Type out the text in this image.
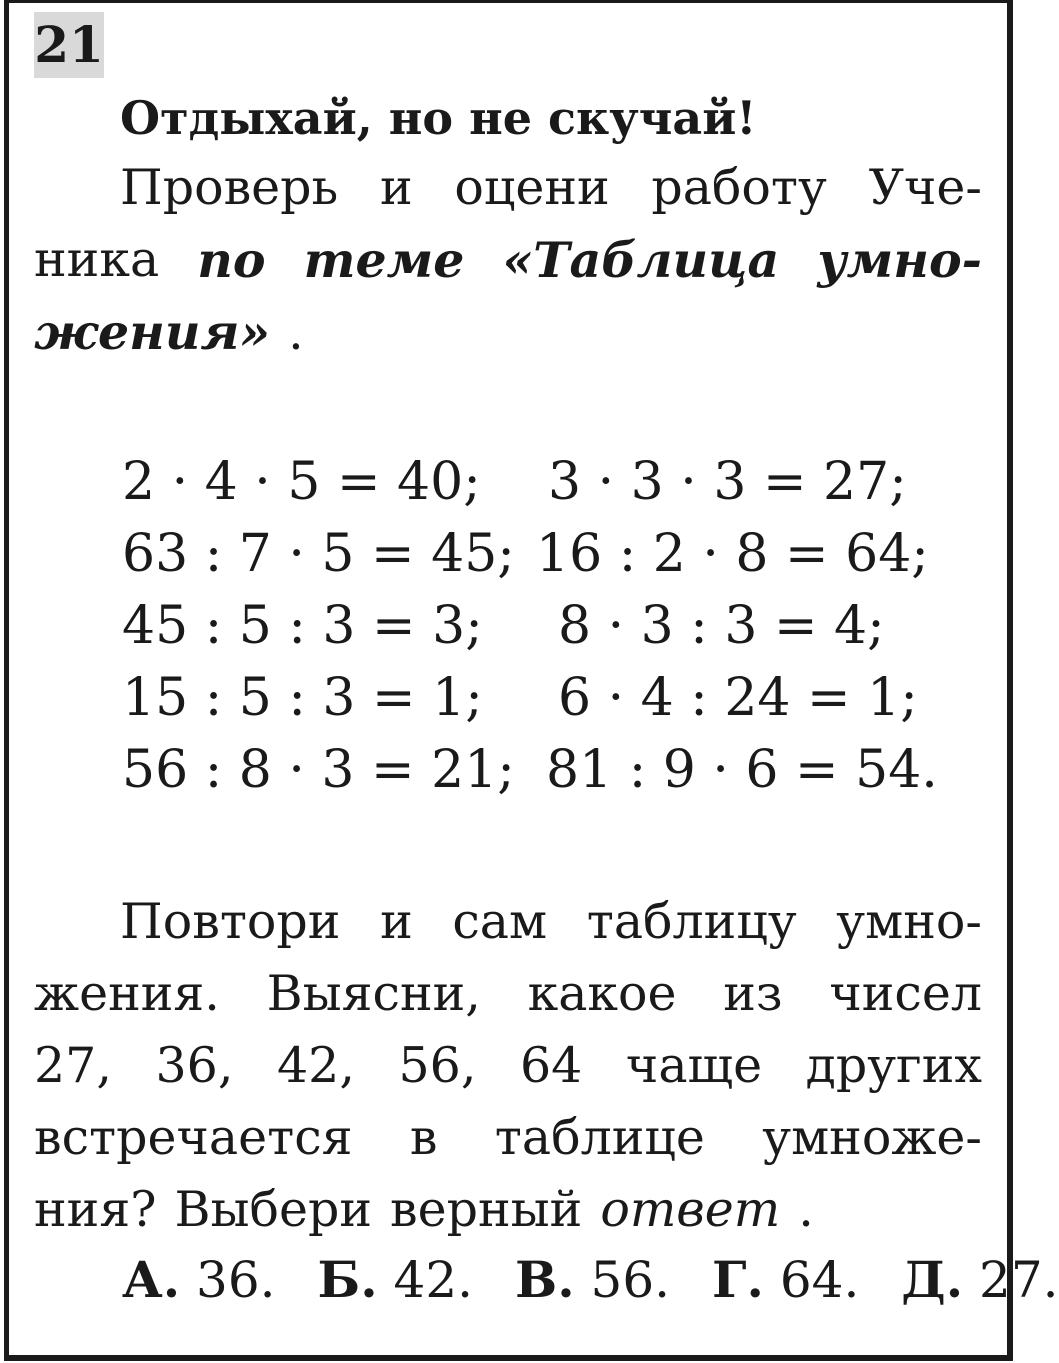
21
Отдыхай, но не скучай!
Проверь и оцени работу Уче-
ника по теме «Таблица умно-
жения» .
2 · 4 · 5 = 40;
63 : 7 · 5 = 45;
45 : 5 : 3 = 3;
15 : 5 : 3 = 1;
56 : 8 · 3 = 21;
3 · 3 · 3 = 27;
16 : 2 · 8 = 64;
8 · 3 : 3 = 4;
6 · 4 : 24 = 1;
81 : 9 · 6 = 54.
Повтори и сам таблицу умно-
жения. Выясни, какое из чисел
27, 36, 42, 56, 64 чаще других
встречается в таблице умноже-
ния? Выбери верный ответ .
А. 36. Б. 42. В. 56. Г. 64. Д. 27.
